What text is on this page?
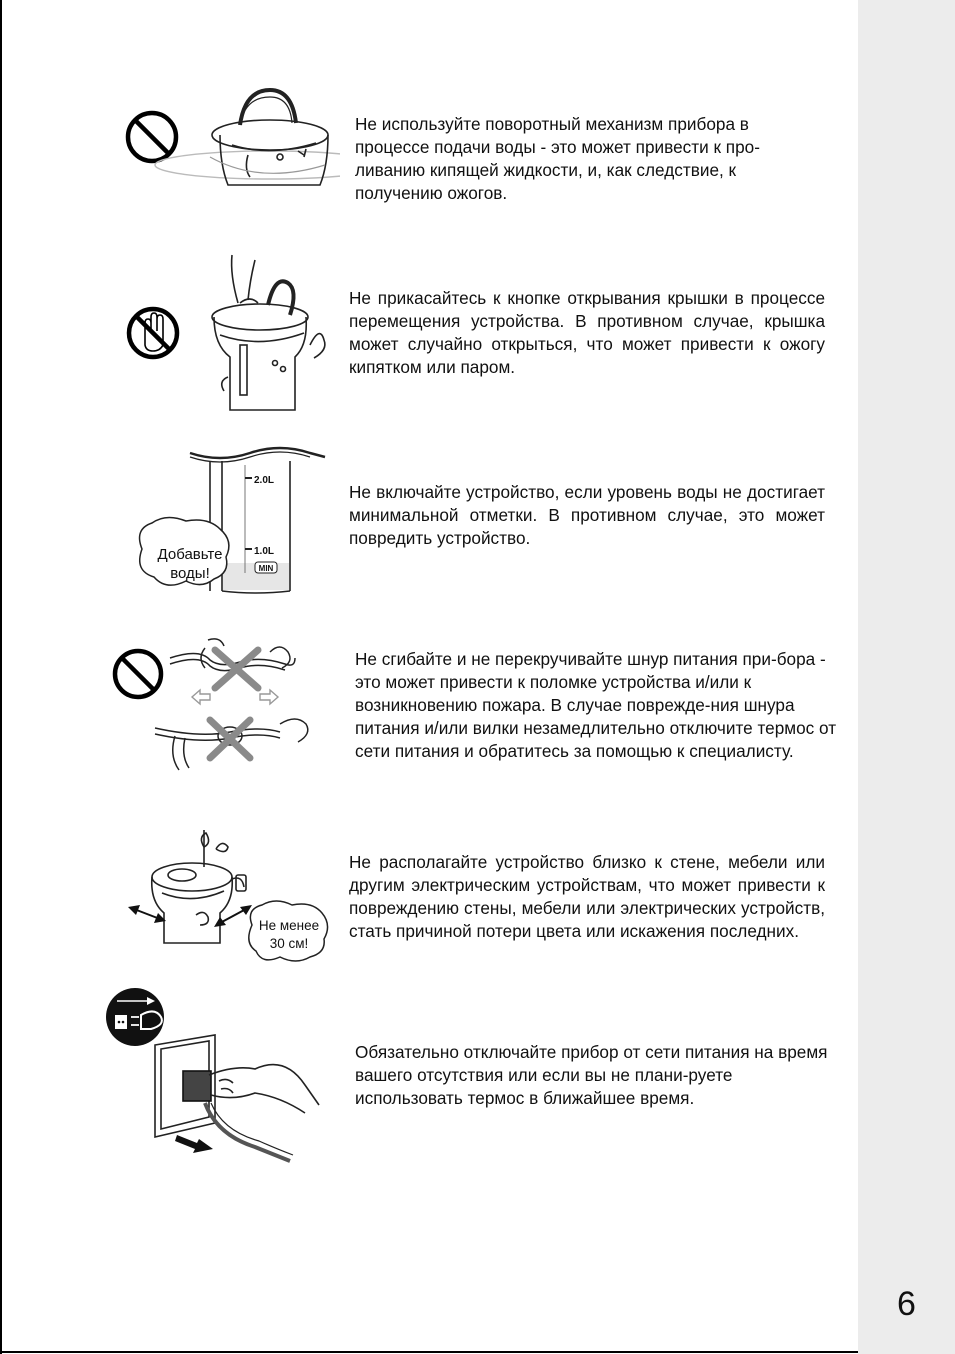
6

Не используйте поворотный механизм прибора в процессе подачи воды - это может привести к про-ливанию кипящей жидкости, и, как следствие, к получению ожогов.

Не прикасайтесь к кнопке открывания крышки в процессе перемещения устройства. В противном случае, крышка может случайно открыться, что может привести к ожогу кипятком или паром.

2.0L
1.0L
MIN
Добавьте
воды!

Не включайте устройство, если уровень воды не достигает минимальной отметки. В противном случае, это может повредить устройство.

Не сгибайте и не перекручивайте шнур питания при-бора - это может привести к поломке устройства и/или к возникновению пожара. В случае поврежде-ния шнура питания и/или вилки незамедлительно отключите термос от сети питания и обратитесь за помощью к специалисту.

Не менее
30 см!

Не располагайте устройство близко к стене, мебели или другим электрическим устройствам, что может привести к повреждению стены, мебели или электрических устройств, стать причиной потери цвета или искажения последних.

Обязательно отключайте прибор от сети питания на время вашего отсутствия или если вы не плани-руете использовать термос в ближайшее время.
